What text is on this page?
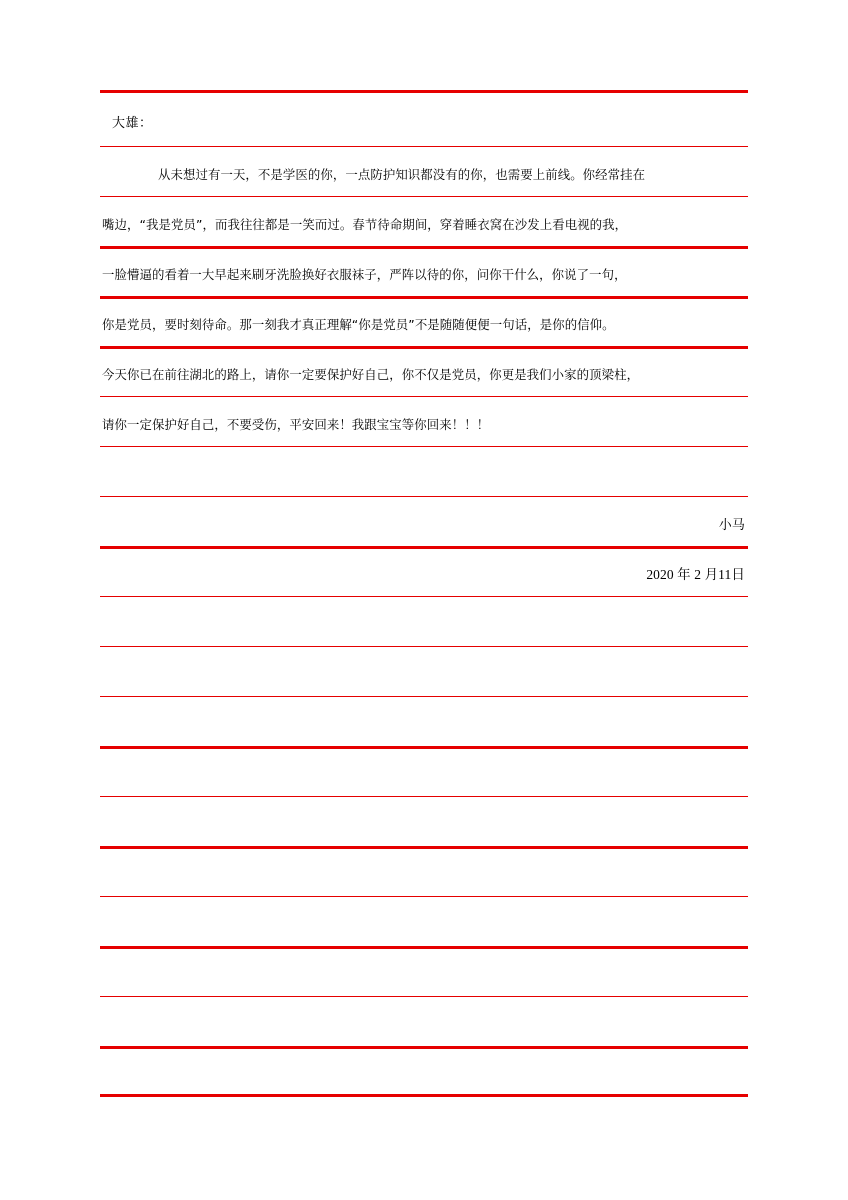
大雄：
从未想过有一天，不是学医的你，一点防护知识都没有的你，也需要上前线。你经常挂在
嘴边，“我是党员”，而我往往都是一笑而过。春节待命期间，穿着睡衣窝在沙发上看电视的我，
一脸懵逼的看着一大早起来刷牙洗脸换好衣服袜子，严阵以待的你，问你干什么，你说了一句，
你是党员，要时刻待命。那一刻我才真正理解“你是党员”不是随随便便一句话，是你的信仰。
今天你已在前往湖北的路上，请你一定要保护好自己，你不仅是党员，你更是我们小家的顶梁柱，
请你一定保护好自己，不要受伤，平安回来！我跟宝宝等你回来！！！
小马
2020 年 2 月11日
